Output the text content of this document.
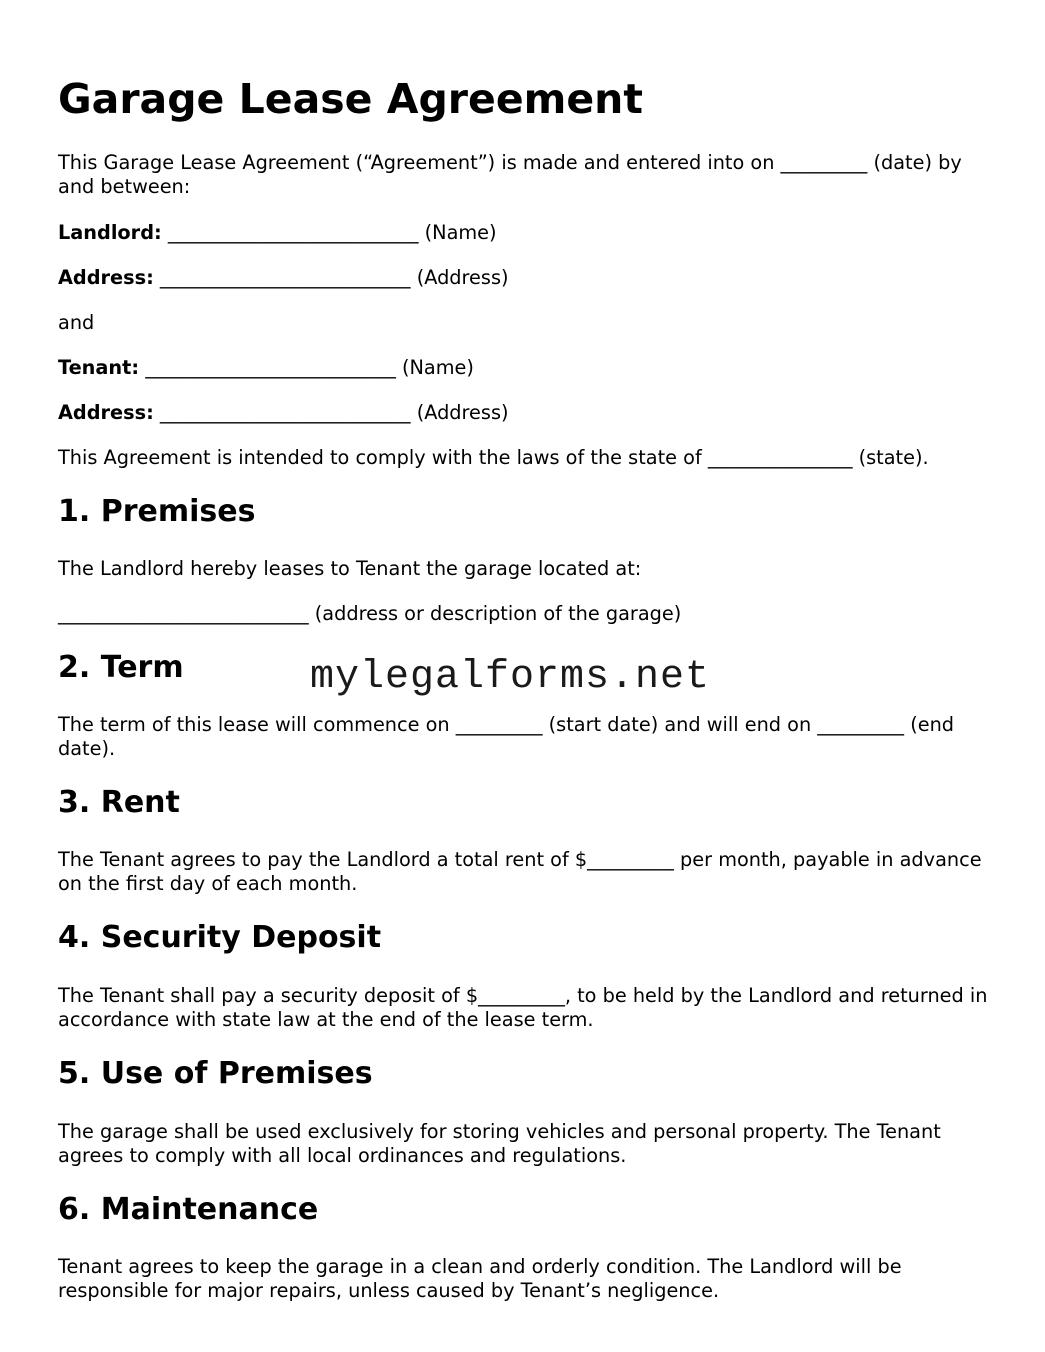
Garage Lease Agreement

This Garage Lease Agreement (“Agreement”) is made and entered into on _________ (date) by and between:

Landlord: __________________________ (Name)

Address: __________________________ (Address)

and

Tenant: __________________________ (Name)

Address: __________________________ (Address)

This Agreement is intended to comply with the laws of the state of _______________ (state).

1. Premises

The Landlord hereby leases to Tenant the garage located at:

__________________________ (address or description of the garage)

2. Term

The term of this lease will commence on _________ (start date) and will end on _________ (end date).

3. Rent

The Tenant agrees to pay the Landlord a total rent of $_________ per month, payable in advance on the first day of each month.

4. Security Deposit

The Tenant shall pay a security deposit of $_________, to be held by the Landlord and returned in accordance with state law at the end of the lease term.

5. Use of Premises

The garage shall be used exclusively for storing vehicles and personal property. The Tenant agrees to comply with all local ordinances and regulations.

6. Maintenance

Tenant agrees to keep the garage in a clean and orderly condition. The Landlord will be responsible for major repairs, unless caused by Tenant’s negligence.

mylegalforms.net
